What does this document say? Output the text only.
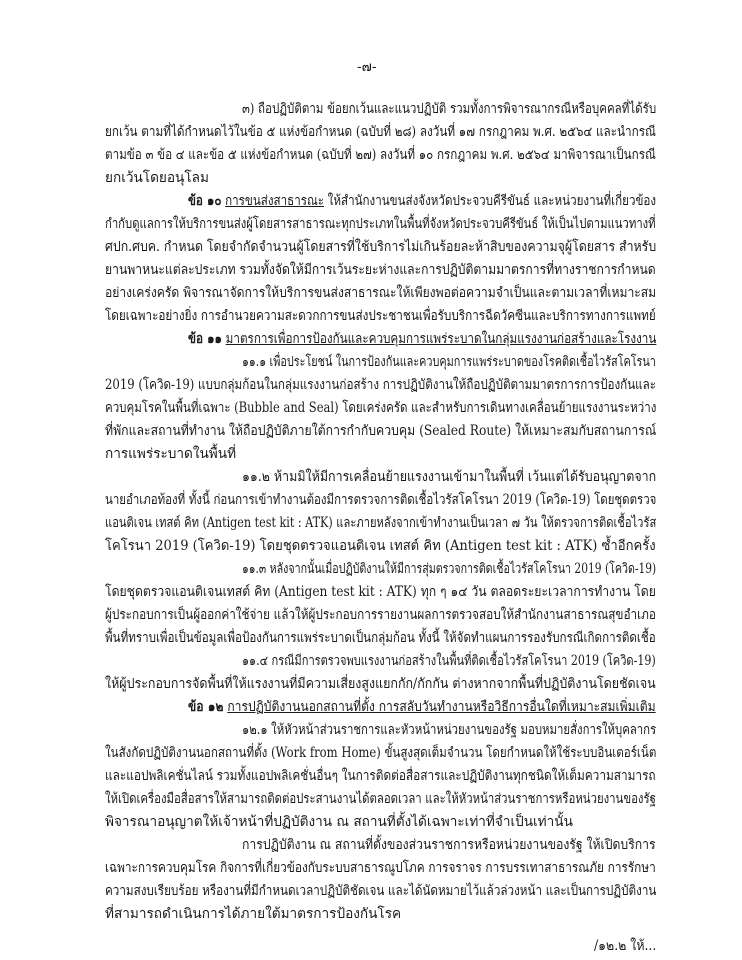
-๗-
๓) ถือปฏิบัติตาม ข้อยกเว้นและแนวปฏิบัติ รวมทั้งการพิจารณากรณีหรือบุคคลที่ได้รับ
ยกเว้น ตามที่ได้กำหนดไว้ในข้อ ๕ แห่งข้อกำหนด (ฉบับที่ ๒๘) ลงวันที่ ๑๗ กรกฎาคม พ.ศ. ๒๕๖๔ และนำกรณี
ตามข้อ ๓ ข้อ ๔ และข้อ ๕ แห่งข้อกำหนด (ฉบับที่ ๒๗) ลงวันที่ ๑๐ กรกฎาคม พ.ศ. ๒๕๖๔ มาพิจารณาเป็นกรณี
ยกเว้นโดยอนุโลม
ข้อ ๑๐ การขนส่งสาธารณะ ให้สำนักงานขนส่งจังหวัดประจวบคีรีขันธ์ และหน่วยงานที่เกี่ยวข้อง
กำกับดูแลการให้บริการขนส่งผู้โดยสารสาธารณะทุกประเภทในพื้นที่จังหวัดประจวบคีรีขันธ์ ให้เป็นไปตามแนวทางที่
ศปก.ศบค. กำหนด โดยจำกัดจำนวนผู้โดยสารที่ใช้บริการไม่เกินร้อยละห้าสิบของความจุผู้โดยสาร สำหรับ
ยานพาหนะแต่ละประเภท รวมทั้งจัดให้มีการเว้นระยะห่างและการปฏิบัติตามมาตรการที่ทางราชการกำหนด
อย่างเคร่งครัด พิจารณาจัดการให้บริการขนส่งสาธารณะให้เพียงพอต่อความจำเป็นและตามเวลาที่เหมาะสม
โดยเฉพาะอย่างยิ่ง การอำนวยความสะดวกการขนส่งประชาชนเพื่อรับบริการฉีดวัคซีนและบริการทางการแพทย์
ข้อ ๑๑ มาตรการเพื่อการป้องกันและควบคุมการแพร่ระบาดในกลุ่มแรงงานก่อสร้างและโรงงาน
๑๑.๑ เพื่อประโยชน์ ในการป้องกันและควบคุมการแพร่ระบาดของโรคติดเชื้อไวรัสโคโรนา
2019 (โควิด-19) แบบกลุ่มก้อนในกลุ่มแรงงานก่อสร้าง การปฏิบัติงานให้ถือปฏิบัติตามมาตรการการป้องกันและ
ควบคุมโรคในพื้นที่เฉพาะ (Bubble and Seal) โดยเคร่งครัด และสำหรับการเดินทางเคลื่อนย้ายแรงงานระหว่าง
ที่พักและสถานที่ทำงาน ให้ถือปฏิบัติภายใต้การกำกับควบคุม (Sealed Route) ให้เหมาะสมกับสถานการณ์
การแพร่ระบาดในพื้นที่
๑๑.๒ ห้ามมิให้มีการเคลื่อนย้ายแรงงานเข้ามาในพื้นที่ เว้นแต่ได้รับอนุญาตจาก
นายอำเภอท้องที่ ทั้งนี้ ก่อนการเข้าทำงานต้องมีการตรวจการติดเชื้อไวรัสโคโรนา 2019 (โควิด-19) โดยชุดตรวจ
แอนติเจน เทสต์ คิท (Antigen test kit : ATK) และภายหลังจากเข้าทำงานเป็นเวลา ๗ วัน ให้ตรวจการติดเชื้อไวรัส
โคโรนา 2019 (โควิด-19) โดยชุดตรวจแอนติเจน เทสต์ คิท (Antigen test kit : ATK) ซ้ำอีกครั้ง
๑๑.๓ หลังจากนั้นเมื่อปฏิบัติงานให้มีการสุ่มตรวจการติดเชื้อไวรัสโคโรนา 2019 (โควิด-19)
โดยชุดตรวจแอนติเจนเทสต์ คิท (Antigen test kit : ATK) ทุก ๆ ๑๔ วัน ตลอดระยะเวลาการทำงาน โดย
ผู้ประกอบการเป็นผู้ออกค่าใช้จ่าย แล้วให้ผู้ประกอบการรายงานผลการตรวจสอบให้สำนักงานสาธารณสุขอำเภอ
พื้นที่ทราบเพื่อเป็นข้อมูลเพื่อป้องกันการแพร่ระบาดเป็นกลุ่มก้อน ทั้งนี้ ให้จัดทำแผนการรองรับกรณีเกิดการติดเชื้อ
๑๑.๔ กรณีมีการตรวจพบแรงงานก่อสร้างในพื้นที่ติดเชื้อไวรัสโคโรนา 2019 (โควิด-19)
ให้ผู้ประกอบการจัดพื้นที่ให้แรงงานที่มีความเสี่ยงสูงแยกกัก/กักกัน ต่างหากจากพื้นที่ปฏิบัติงานโดยชัดเจน
ข้อ ๑๒ การปฏิบัติงานนอกสถานที่ตั้ง การสลับวันทำงานหรือวิธีการอื่นใดที่เหมาะสมเพิ่มเติม
๑๒.๑ ให้หัวหน้าส่วนราชการและหัวหน้าหน่วยงานของรัฐ มอบหมายสั่งการให้บุคลากร
ในสังกัดปฏิบัติงานนอกสถานที่ตั้ง (Work from Home) ขั้นสูงสุดเต็มจำนวน โดยกำหนดให้ใช้ระบบอินเตอร์เน็ต
และแอปพลิเคชั่นไลน์ รวมทั้งแอปพลิเคชั่นอื่นๆ ในการติดต่อสื่อสารและปฏิบัติงานทุกชนิดให้เต็มความสามารถ
ให้เปิดเครื่องมือสื่อสารให้สามารถติดต่อประสานงานได้ตลอดเวลา และให้หัวหน้าส่วนราชการหรือหน่วยงานของรัฐ
พิจารณาอนุญาตให้เจ้าหน้าที่ปฏิบัติงาน ณ สถานที่ตั้งได้เฉพาะเท่าที่จำเป็นเท่านั้น
การปฏิบัติงาน ณ สถานที่ตั้งของส่วนราชการหรือหน่วยงานของรัฐ ให้เปิดบริการ
เฉพาะการควบคุมโรค กิจการที่เกี่ยวข้องกับระบบสาธารณูปโภค การจราจร การบรรเทาสาธารณภัย การรักษา
ความสงบเรียบร้อย หรืองานที่มีกำหนดเวลาปฏิบัติชัดเจน และได้นัดหมายไว้แล้วล่วงหน้า และเป็นการปฏิบัติงาน
ที่สามารถดำเนินการได้ภายใต้มาตรการป้องกันโรค
/๑๒.๒ ให้...
